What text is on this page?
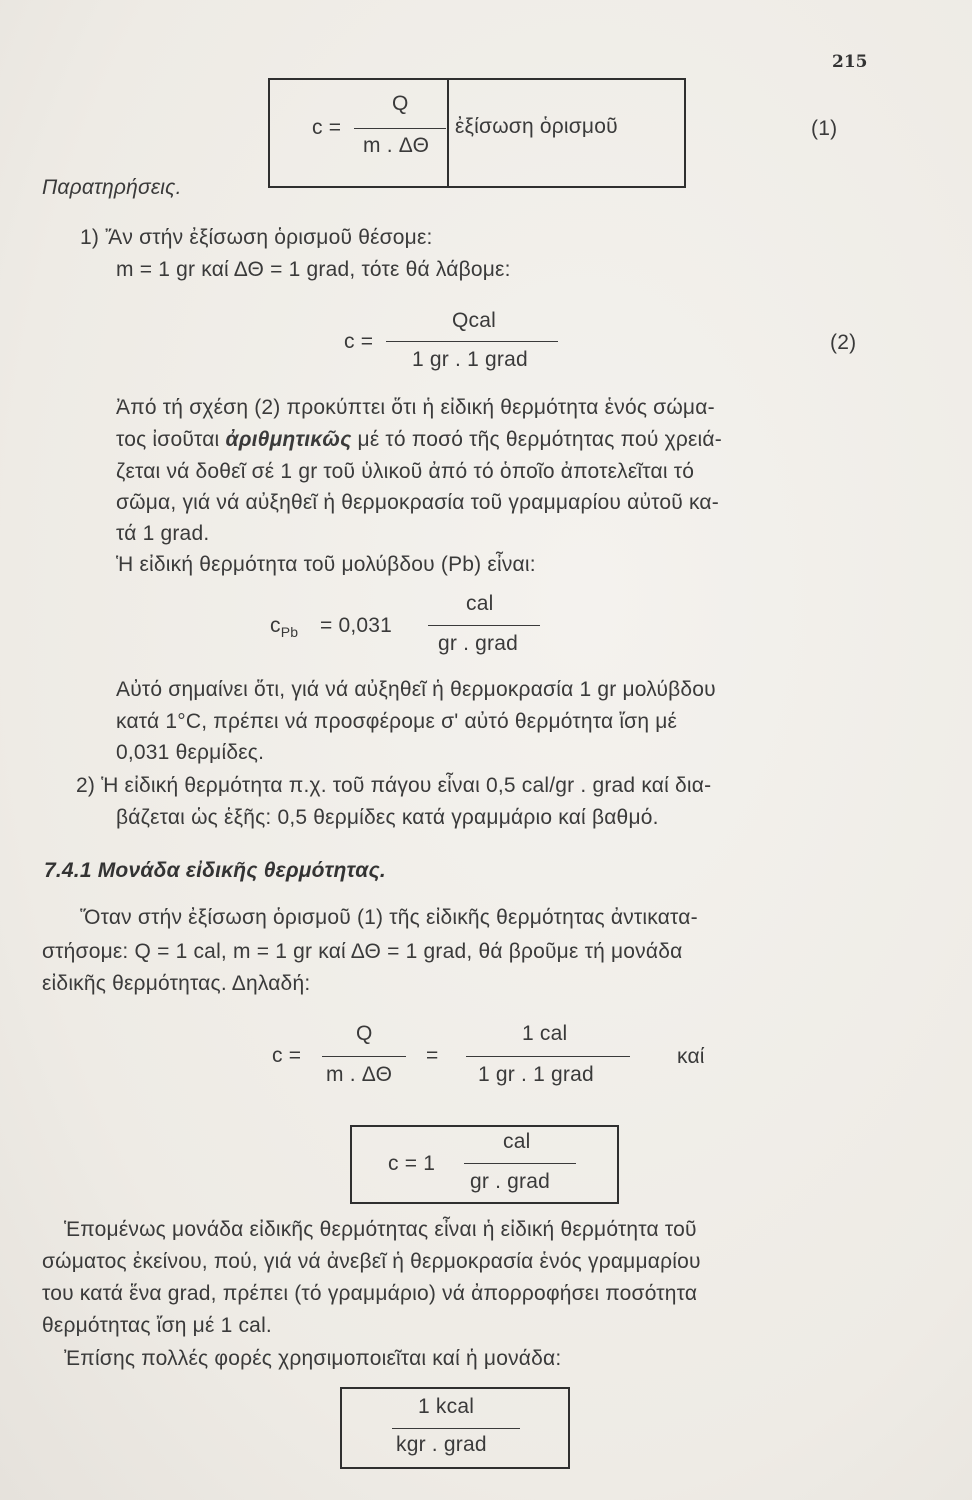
215
c =
Q
m . ΔΘ
ἐξίσωση ὁρισμοῦ	(1)
Παρατηρήσεις.
1) Ἄν στήν ἐξίσωση ὁρισμοῦ θέσομε:
m = 1 gr καί ΔΘ = 1 grad, τότε θά λάβομε:
c =
Qcal
1 gr . 1 grad
(2)
Ἀπό τή σχέση (2) προκύπτει ὅτι ἡ εἰδική θερμότητα ἑνός σώμα-
τος ἰσοῦται ἀριθμητικῶς μέ τό ποσό τῆς θερμότητας πού χρειά-
ζεται νά δοθεῖ σέ 1 gr τοῦ ὑλικοῦ ἀπό τό ὁποῖο ἀποτελεῖται τό
σῶμα, γιά νά αὐξηθεῖ ἡ θερμοκρασία τοῦ γραμμαρίου αὐτοῦ κα-
τά 1 grad.
Ἡ εἰδική θερμότητα τοῦ μολύβδου (Pb) εἶναι:
$c_{Pb} = 0,031$
cal
gr . grad
Αὐτό σημαίνει ὅτι, γιά νά αὐξηθεῖ ἡ θερμοκρασία 1 gr μολύβδου
κατά 1°C, πρέπει νά προσφέρομε σ' αὐτό θερμότητα ἴση μέ
0,031 θερμίδες.
2) Ἡ εἰδική θερμότητα π.χ. τοῦ πάγου εἶναι 0,5 cal/gr . grad καί δια-
βάζεται ὡς ἑξῆς: 0,5 θερμίδες κατά γραμμάριο καί βαθμό.
7.4.1 Μονάδα εἰδικῆς θερμότητας.
Ὅταν στήν ἐξίσωση ὁρισμοῦ (1) τῆς εἰδικῆς θερμότητας ἀντικατα-
στήσομε: Q = 1 cal, m = 1 gr καί ΔΘ = 1 grad, θά βροῦμε τή μονάδα
εἰδικῆς θερμότητας. Δηλαδή:
c =
Q
m . ΔΘ
=
1 cal
1 gr . 1 grad
καί
c = 1
cal
gr . grad
Ἑπομένως μονάδα εἰδικῆς θερμότητας εἶναι ἡ εἰδική θερμότητα τοῦ
σώματος ἐκείνου, πού, γιά νά ἀνεβεῖ ἡ θερμοκρασία ἑνός γραμμαρίου
του κατά ἕνα grad, πρέπει (τό γραμμάριο) νά ἀπορροφήσει ποσότητα
θερμότητας ἴση μέ 1 cal.
Ἐπίσης πολλές φορές χρησιμοποιεῖται καί ἡ μονάδα:
1 kcal
kgr . grad
